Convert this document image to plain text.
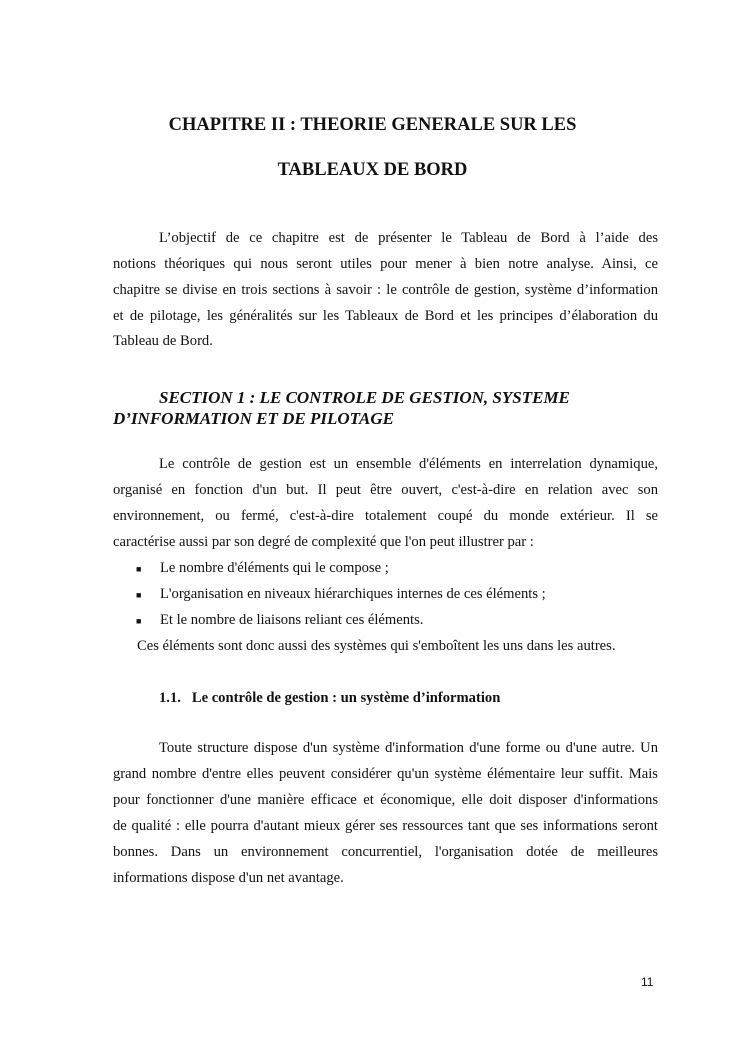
CHAPITRE II : THEORIE GENERALE SUR LES
TABLEAUX DE BORD
L’objectif de ce chapitre est de présenter le Tableau de Bord à l’aide des
notions théoriques qui nous seront utiles pour mener à bien notre analyse. Ainsi, ce
chapitre se divise en trois sections à savoir : le contrôle de gestion, système d’information
et de pilotage, les généralités sur les Tableaux de Bord et les principes d’élaboration du
Tableau de Bord.
SECTION 1 : LE CONTROLE DE GESTION, SYSTEME
D’INFORMATION ET DE PILOTAGE
Le contrôle de gestion est un ensemble d'éléments en interrelation dynamique,
organisé en fonction d'un but. Il peut être ouvert, c'est-à-dire en relation avec son
environnement, ou fermé, c'est-à-dire totalement coupé du monde extérieur. Il se
caractérise aussi par son degré de complexité que l'on peut illustrer par :
■ Le nombre d'éléments qui le compose ;
■ L'organisation en niveaux hiérarchiques internes de ces éléments ;
■ Et le nombre de liaisons reliant ces éléments.
Ces éléments sont donc aussi des systèmes qui s'emboîtent les uns dans les autres.
1.1. Le contrôle de gestion : un système d’information
Toute structure dispose d'un système d'information d'une forme ou d'une autre. Un
grand nombre d'entre elles peuvent considérer qu'un système élémentaire leur suffit. Mais
pour fonctionner d'une manière efficace et économique, elle doit disposer d'informations
de qualité : elle pourra d'autant mieux gérer ses ressources tant que ses informations seront
bonnes. Dans un environnement concurrentiel, l'organisation dotée de meilleures
informations dispose d'un net avantage.
11
